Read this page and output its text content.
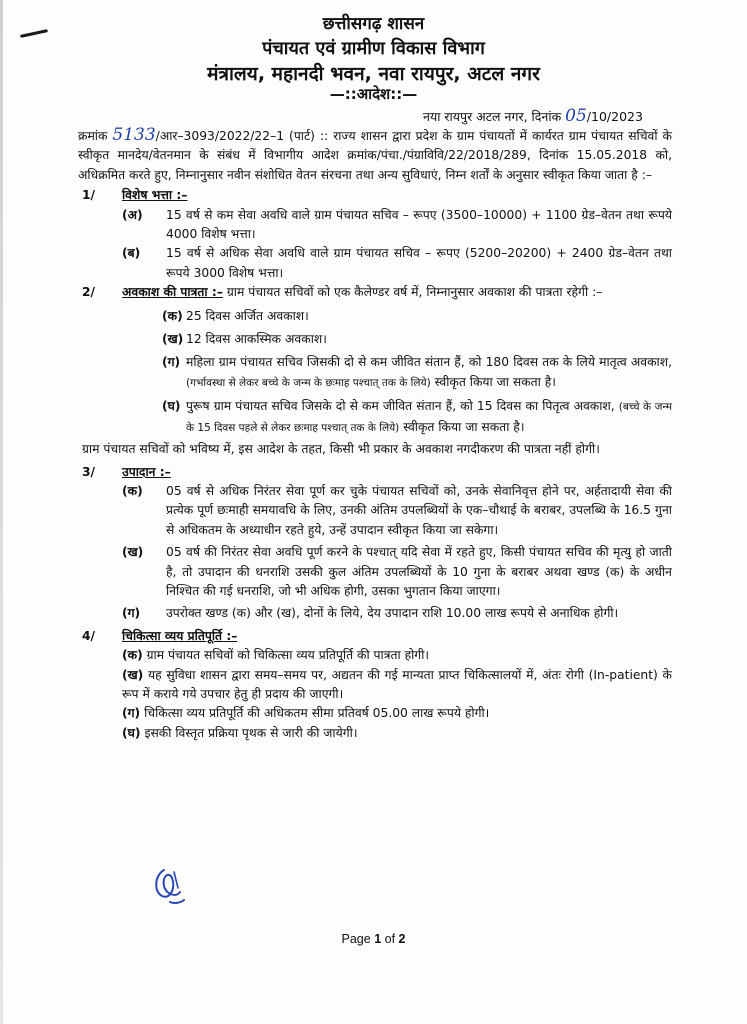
छत्तीसगढ़ शासन
पंचायत एवं ग्रामीण विकास विभाग
मंत्रालय, महानदी भवन, नवा रायपुर, अटल नगर
—::आदेश::—
नया रायपुर अटल नगर, दिनांक 05/10/2023
क्रमांक 5133/आर–3093/2022/22–1 (पार्ट) :: राज्य शासन द्वारा प्रदेश के ग्राम पंचायतों में कार्यरत ग्राम पंचायत सचिवों के स्वीकृत मानदेय/वेतनमान के संबंध में विभागीय आदेश क्रमांक/पंचा./पंग्राविवि/22/2018/289, दिनांक 15.05.2018 को, अधिक्रमित करते हुए, निम्नानुसार नवीन संशोधित वेतन संरचना तथा अन्य सुविधाएं, निम्न शर्तों के अनुसार स्वीकृत किया जाता है :–
1/	विशेष भत्ता :–
(अ)	15 वर्ष से कम सेवा अवधि वाले ग्राम पंचायत सचिव – रूपए (3500–10000) + 1100 ग्रेड–वेतन तथा रूपये 4000 विशेष भत्ता।
(ब)	15 वर्ष से अधिक सेवा अवधि वाले ग्राम पंचायत सचिव – रूपए (5200–20200) + 2400 ग्रेड–वेतन तथा रूपये 3000 विशेष भत्ता।
2/ अवकाश की पात्रता :– ग्राम पंचायत सचिवों को एक कैलेण्डर वर्ष में, निम्नानुसार अवकाश की पात्रता रहेगी :–
(क) 25 दिवस अर्जित अवकाश।
(ख) 12 दिवस आकस्मिक अवकाश।
(ग) महिला ग्राम पंचायत सचिव जिसकी दो से कम जीवित संतान हैं, को 180 दिवस तक के लिये मातृत्व अवकाश, (गर्भावस्था से लेकर बच्चे के जन्म के छःमाह पश्चात् तक के लिये) स्वीकृत किया जा सकता है।
(घ) पुरूष ग्राम पंचायत सचिव जिसके दो से कम जीवित संतान हैं, को 15 दिवस का पितृत्व अवकाश, (बच्चे के जन्म के 15 दिवस पहले से लेकर छःमाह पश्चात् तक के लिये) स्वीकृत किया जा सकता है।
ग्राम पंचायत सचिवों को भविष्य में, इस आदेश के तहत, किसी भी प्रकार के अवकाश नगदीकरण की पात्रता नहीं होगी।
3/	उपादान :–
(क)	05 वर्ष से अधिक निरंतर सेवा पूर्ण कर चुके पंचायत सचिवों को, उनके सेवानिवृत्त होने पर, अर्हतादायी सेवा की प्रत्येक पूर्ण छःमाही समयावधि के लिए, उनकी अंतिम उपलब्धियों के एक–चौथाई के बराबर, उपलब्धि के 16.5 गुना से अधिकतम के अध्याधीन रहते हुये, उन्हें उपादान स्वीकृत किया जा सकेगा।
(ख)	05 वर्ष की निरंतर सेवा अवधि पूर्ण करने के पश्चात् यदि सेवा में रहते हुए, किसी पंचायत सचिव की मृत्यु हो जाती है, तो उपादान की धनराशि उसकी कुल अंतिम उपलब्धियों के 10 गुना के बराबर अथवा खण्ड (क) के अधीन निश्चित की गई धनराशि, जो भी अधिक होगी, उसका भुगतान किया जाएगा।
(ग)	उपरोक्त खण्ड (क) और (ख), दोनों के लिये, देय उपादान राशि 10.00 लाख रूपये से अनाधिक होगी।
4/	चिकित्सा व्यय प्रतिपूर्ति :–
(क) ग्राम पंचायत सचिवों को चिकित्सा व्यय प्रतिपूर्ति की पात्रता होगी।
(ख) यह सुविधा शासन द्वारा समय–समय पर, अद्यतन की गई मान्यता प्राप्त चिकित्सालयों में, अंतः रोगी (In-patient) के रूप में कराये गये उपचार हेतु ही प्रदाय की जाएगी।
(ग) चिकित्सा व्यय प्रतिपूर्ति की अधिकतम सीमा प्रतिवर्ष 05.00 लाख रूपये होगी।
(घ) इसकी विस्तृत प्रक्रिया पृथक से जारी की जायेगी।
Page 1 of 2
